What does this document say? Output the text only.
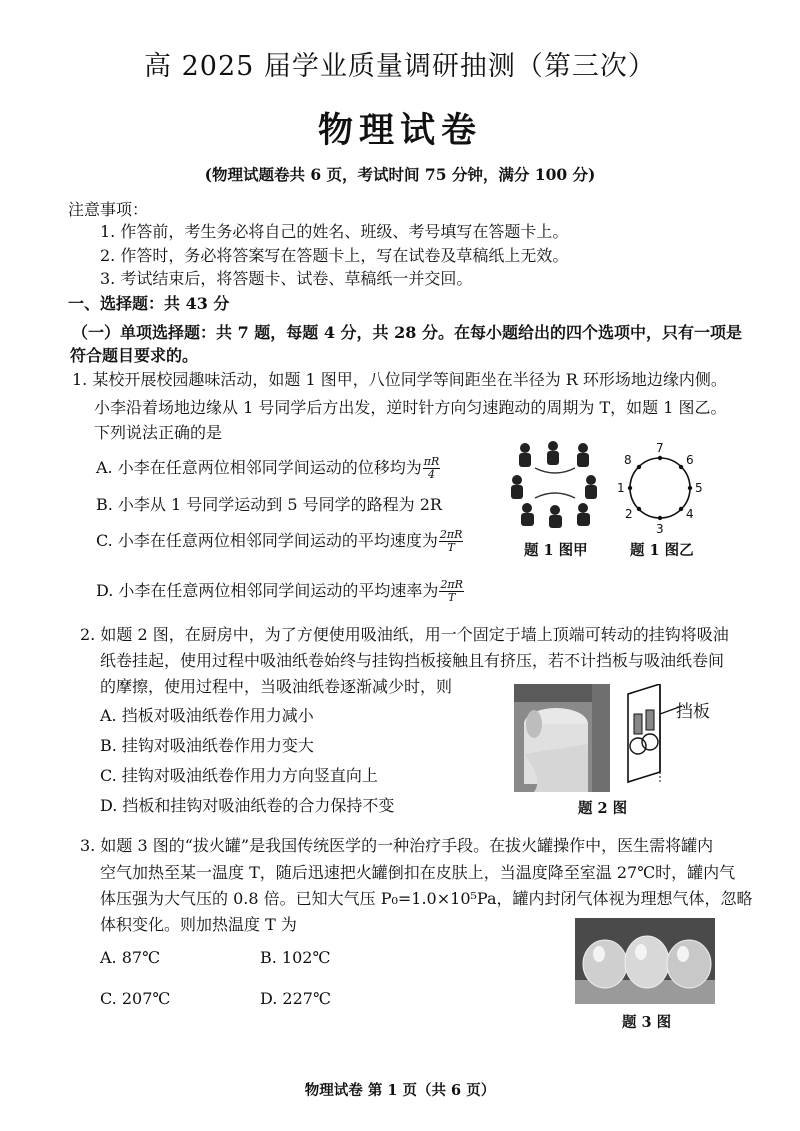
高 2025 届学业质量调研抽测（第三次）
物理试卷
(物理试题卷共 6 页，考试时间 75 分钟，满分 100 分)
注意事项：
1. 作答前，考生务必将自己的姓名、班级、考号填写在答题卡上。
2. 作答时，务必将答案写在答题卡上，写在试卷及草稿纸上无效。
3. 考试结束后，将答题卡、试卷、草稿纸一并交回。
一、选择题：共 43 分
（一）单项选择题：共 7 题，每题 4 分，共 28 分。在每小题给出的四个选项中，只有一项是
符合题目要求的。
1. 某校开展校园趣味活动，如题 1 图甲，八位同学等间距坐在半径为 R 环形场地边缘内侧。
小李沿着场地边缘从 1 号同学后方出发，逆时针方向匀速跑动的周期为 T，如题 1 图乙。
下列说法正确的是
A. 小李在任意两位相邻同学间运动的位移均为 $\frac{\pi R}{4}$
B. 小李从 1 号同学运动到 5 号同学的路程为 2R
C. 小李在任意两位相邻同学间运动的平均速度为 $\frac{2\pi R}{T}$
D. 小李在任意两位相邻同学间运动的平均速率为 $\frac{2\pi R}{T}$
1
2
3
4
5
6
7
8
题 1 图甲	题 1 图乙
2. 如题 2 图，在厨房中，为了方便使用吸油纸，用一个固定于墙上顶端可转动的挂钩将吸油
纸卷挂起，使用过程中吸油纸卷始终与挂钩挡板接触且有挤压，若不计挡板与吸油纸卷间
的摩擦，使用过程中，当吸油纸卷逐渐减少时，则
A. 挡板对吸油纸卷作用力减小
B. 挂钩对吸油纸卷作用力变大
C. 挂钩对吸油纸卷作用力方向竖直向上
D. 挡板和挂钩对吸油纸卷的合力保持不变
挡板
题 2 图
3. 如题 3 图的“拔火罐”是我国传统医学的一种治疗手段。在拔火罐操作中，医生需将罐内
空气加热至某一温度 T，随后迅速把火罐倒扣在皮肤上，当温度降至室温 27℃时，罐内气
体压强为大气压的 0.8 倍。已知大气压 P₀=1.0×10⁵Pa，罐内封闭气体视为理想气体，忽略
体积变化。则加热温度 T 为
A. 87℃	B. 102℃
C. 207℃	D. 227℃
题 3 图
物理试卷 第 1 页（共 6 页）
